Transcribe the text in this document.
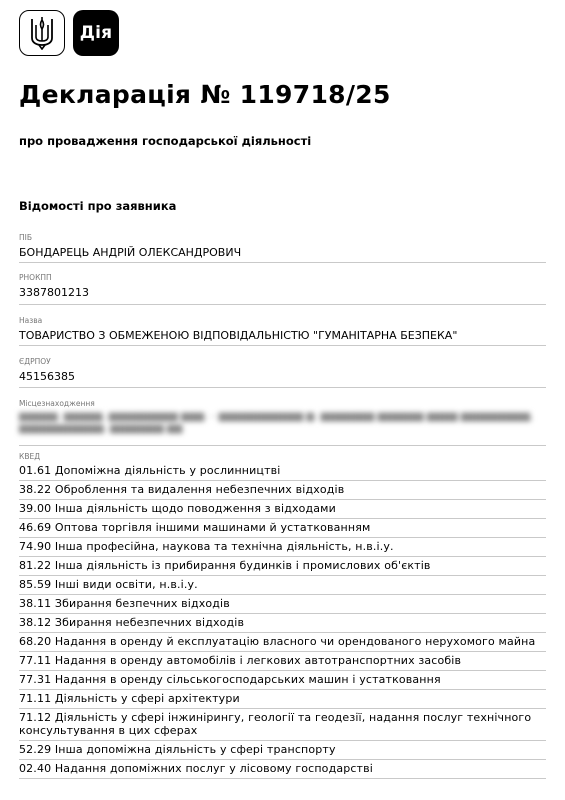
Дія
Декларація № 119718/25
про провадження господарської діяльності
Відомості про заявника
ПІБ
БОНДАРЕЦЬ АНДРІЙ ОЛЕКСАНДРОВИЧ
РНОКПП
3387801213
Назва
ТОВАРИСТВО З ОБМЕЖЕНОЮ ВІДПОВІДАЛЬНІСТЮ "ГУМАНІТАРНА БЕЗПЕКА"
ЄДРПОУ
45156385
Місцезнаходження
▆▆▆▆▆, ▆▆▆▆▆, ▆▆▆▆▆▆▆▆▆ ▆▆▆. – ▆▆▆▆▆▆▆▆▆▆▆ ▆. ▆▆▆▆▆▆▆ ▆▆▆▆▆▆ ▆▆▆▆ ▆▆▆▆▆▆▆▆▆,
▆▆▆▆▆▆▆▆▆▆▆, ▆▆▆▆▆▆▆ ▆▆
КВЕД
01.61 Допоміжна діяльність у рослинництві
38.22 Оброблення та видалення небезпечних відходів
39.00 Інша діяльність щодо поводження з відходами
46.69 Оптова торгівля іншими машинами й устаткованням
74.90 Інша професійна, наукова та технічна діяльність, н.в.і.у.
81.22 Інша діяльність із прибирання будинків і промислових об'єктів
85.59 Інші види освіти, н.в.і.у.
38.11 Збирання безпечних відходів
38.12 Збирання небезпечних відходів
68.20 Надання в оренду й експлуатацію власного чи орендованого нерухомого майна
77.11 Надання в оренду автомобілів і легкових автотранспортних засобів
77.31 Надання в оренду сільськогосподарських машин і устатковання
71.11 Діяльність у сфері архітектури
71.12 Діяльність у сфері інжинірингу, геології та геодезії, надання послуг технічного консультування в цих сферах
52.29 Інша допоміжна діяльність у сфері транспорту
02.40 Надання допоміжних послуг у лісовому господарстві
